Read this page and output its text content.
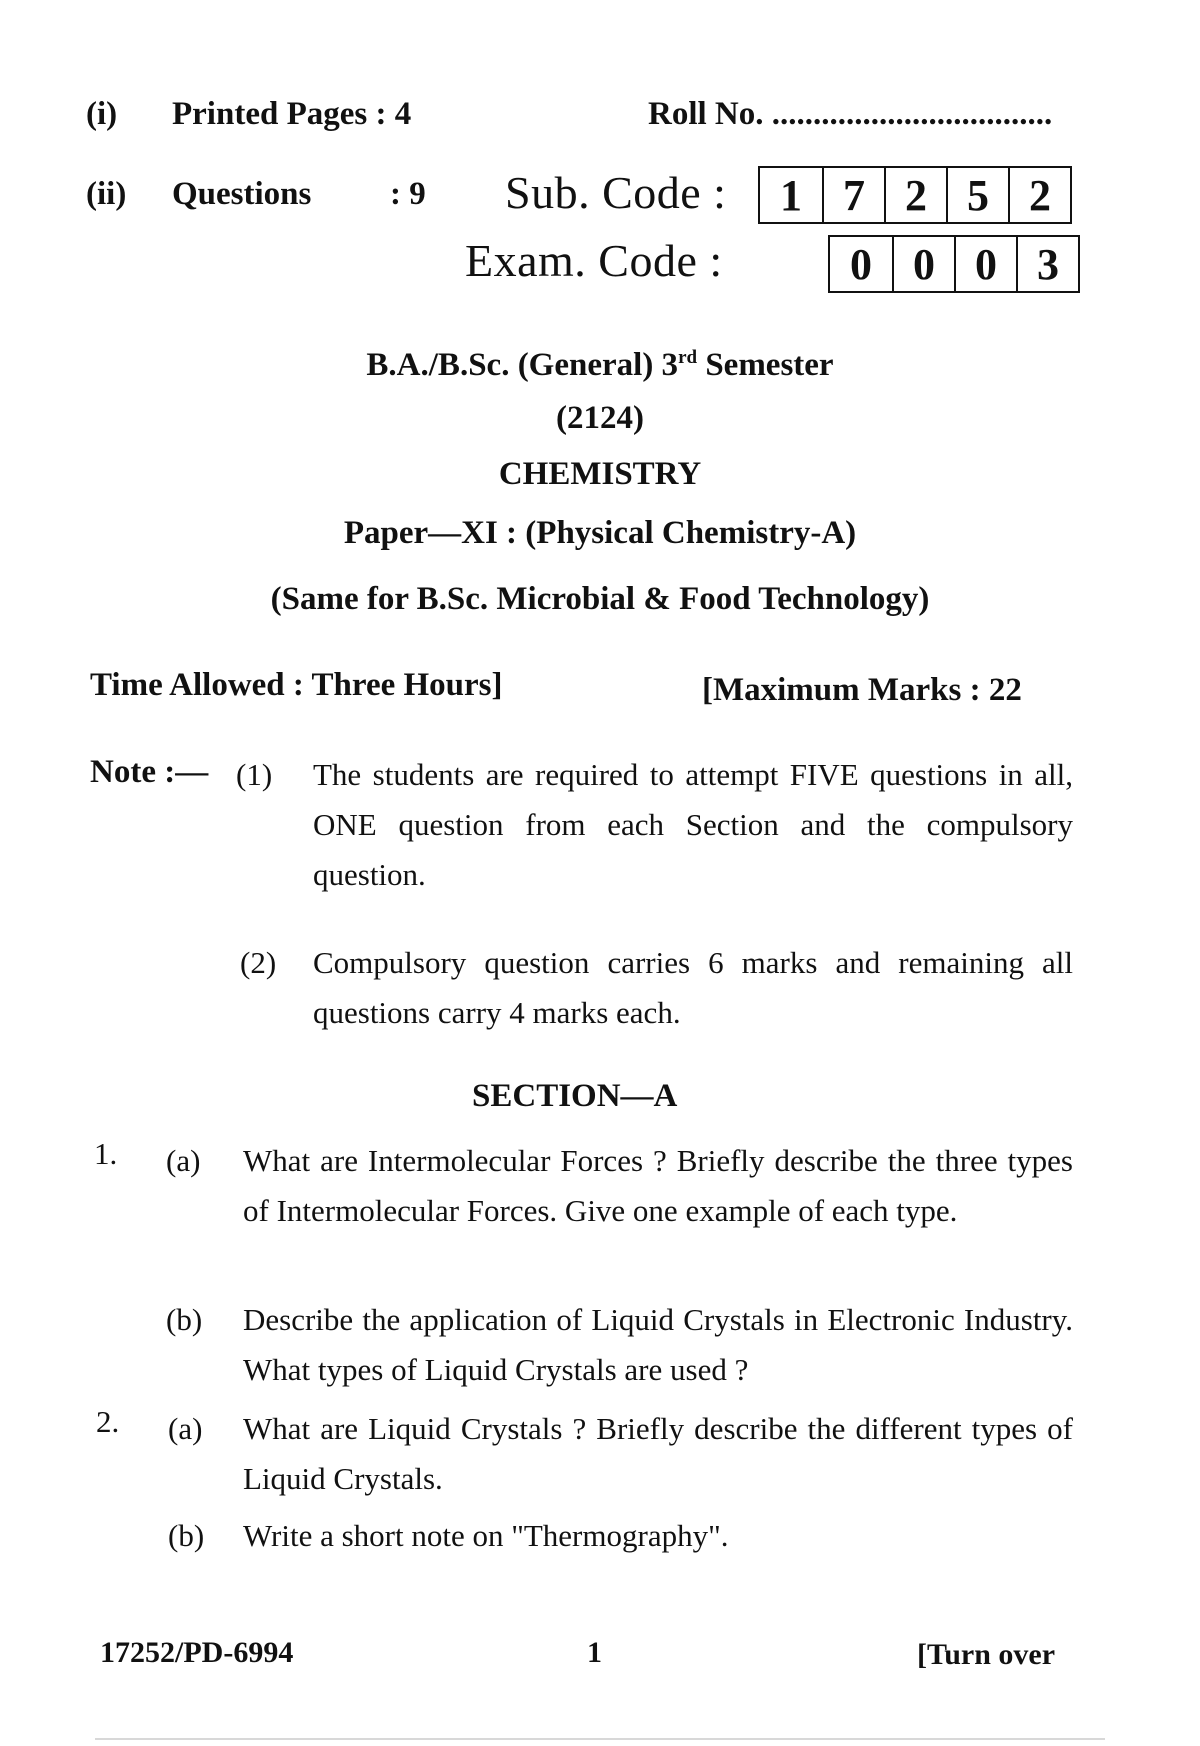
(i) Printed Pages : 4	Roll No. ..................................
(ii) Questions : 9 Sub. Code :	1 7 2 5 2
Exam. Code :	0 0 0 3
B.A./B.Sc. (General) 3rd Semester
(2124)
CHEMISTRY
Paper—XI : (Physical Chemistry-A)
(Same for B.Sc. Microbial & Food Technology)
Time Allowed : Three Hours]	[Maximum Marks : 22
Note :— (1) The students are required to attempt FIVE questions in all, ONE question from each Section and the compulsory question.
(2) Compulsory question carries 6 marks and remaining all questions carry 4 marks each.
SECTION—A
1. (a) What are Intermolecular Forces ? Briefly describe the three types of Intermolecular Forces. Give one example of each type.
(b) Describe the application of Liquid Crystals in Electronic Industry. What types of Liquid Crystals are used ?
2. (a) What are Liquid Crystals ? Briefly describe the different types of Liquid Crystals.
(b) Write a short note on "Thermography".
17252/PD-6994	1	[Turn over
